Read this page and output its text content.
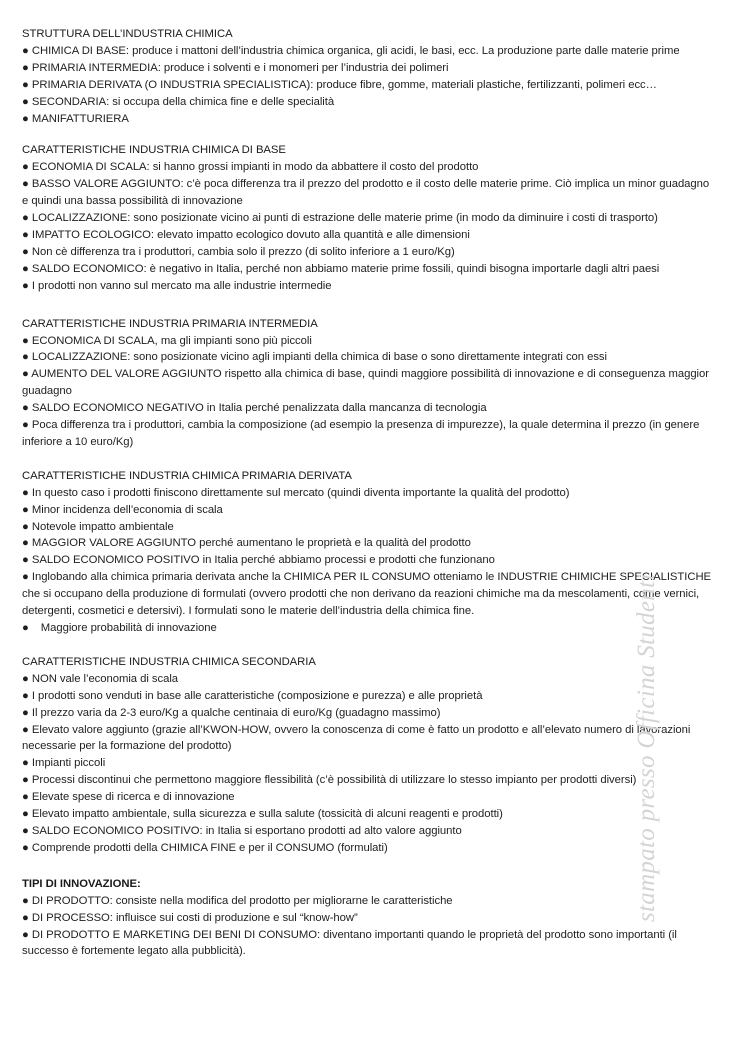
STRUTTURA DELL’INDUSTRIA CHIMICA

● CHIMICA DI BASE: produce i mattoni dell’industria chimica organica, gli acidi, le basi, ecc. La produzione parte dalle materie prime

● PRIMARIA INTERMEDIA: produce i solventi e i monomeri per l’industria dei polimeri

● PRIMARIA DERIVATA (O INDUSTRIA SPECIALISTICA): produce fibre, gomme, materiali plastiche, fertilizzanti, polimeri ecc…

● SECONDARIA: si occupa della chimica fine e delle specialità

● MANIFATTURIERA

CARATTERISTICHE INDUSTRIA CHIMICA DI BASE

● ECONOMIA DI SCALA: si hanno grossi impianti in modo da abbattere il costo del prodotto

● BASSO VALORE AGGIUNTO: c’è poca differenza tra il prezzo del prodotto e il costo delle materie prime. Ciò implica un minor guadagno e quindi una bassa possibilità di innovazione

● LOCALIZZAZIONE: sono posizionate vicino ai punti di estrazione delle materie prime (in modo da diminuire i costi di trasporto)

● IMPATTO ECOLOGICO: elevato impatto ecologico dovuto alla quantità e alle dimensioni

● Non cè differenza tra i produttori, cambia solo il prezzo (di solito inferiore a 1 euro/Kg)

● SALDO ECONOMICO: è negativo in Italia, perché non abbiamo materie prime fossili, quindi bisogna importarle dagli altri paesi

● I prodotti non vanno sul mercato ma alle industrie intermedie

CARATTERISTICHE INDUSTRIA PRIMARIA INTERMEDIA

● ECONOMICA DI SCALA, ma gli impianti sono più piccoli

● LOCALIZZAZIONE: sono posizionate vicino agli impianti della chimica di base o sono direttamente integrati con essi

● AUMENTO DEL VALORE AGGIUNTO rispetto alla chimica di base, quindi maggiore possibilità di innovazione e di conseguenza maggior guadagno

● SALDO ECONOMICO NEGATIVO in Italia perché penalizzata dalla mancanza di tecnologia

● Poca differenza tra i produttori, cambia la composizione (ad esempio la presenza di impurezze), la quale determina il prezzo (in genere inferiore a 10 euro/Kg)

CARATTERISTICHE INDUSTRIA CHIMICA PRIMARIA DERIVATA

● In questo caso i prodotti finiscono direttamente sul mercato (quindi diventa importante la qualità del prodotto)

● Minor incidenza dell’economia di scala

● Notevole impatto ambientale

● MAGGIOR VALORE AGGIUNTO perché aumentano le proprietà e la qualità del prodotto

● SALDO ECONOMICO POSITIVO in Italia perché abbiamo processi e prodotti che funzionano

● Inglobando alla chimica primaria derivata anche la CHIMICA PER IL CONSUMO otteniamo le INDUSTRIE CHIMICHE SPECIALISTICHE che si occupano della produzione di formulati (ovvero prodotti che non derivano da reazioni chimiche ma da mescolamenti, come vernici, detergenti, cosmetici e detersivi). I formulati sono le materie dell’industria della chimica fine.

● Maggiore probabilità di innovazione

CARATTERISTICHE INDUSTRIA CHIMICA SECONDARIA

● NON vale l’economia di scala

● I prodotti sono venduti in base alle caratteristiche (composizione e purezza) e alle proprietà

● Il prezzo varia da 2-3 euro/Kg a qualche centinaia di euro/Kg (guadagno massimo)

● Elevato valore aggiunto (grazie all’KWON-HOW, ovvero la conoscenza di come è fatto un prodotto e all’elevato numero di lavorazioni necessarie per la formazione del prodotto)

● Impianti piccoli

● Processi discontinui che permettono maggiore flessibilità (c’è possibilità di utilizzare lo stesso impianto per prodotti diversi)

● Elevate spese di ricerca e di innovazione

● Elevato impatto ambientale, sulla sicurezza e sulla salute (tossicità di alcuni reagenti e prodotti)

● SALDO ECONOMICO POSITIVO: in Italia si esportano prodotti ad alto valore aggiunto

● Comprende prodotti della CHIMICA FINE e per il CONSUMO (formulati)

TIPI DI INNOVAZIONE:

● DI PRODOTTO: consiste nella modifica del prodotto per migliorarne le caratteristiche

● DI PROCESSO: influisce sui costi di produzione e sul “know-how”

● DI PRODOTTO E MARKETING DEI BENI DI CONSUMO: diventano importanti quando le proprietà del prodotto sono importanti (il successo è fortemente legato alla pubblicità).

stampato presso Officina Studenti
